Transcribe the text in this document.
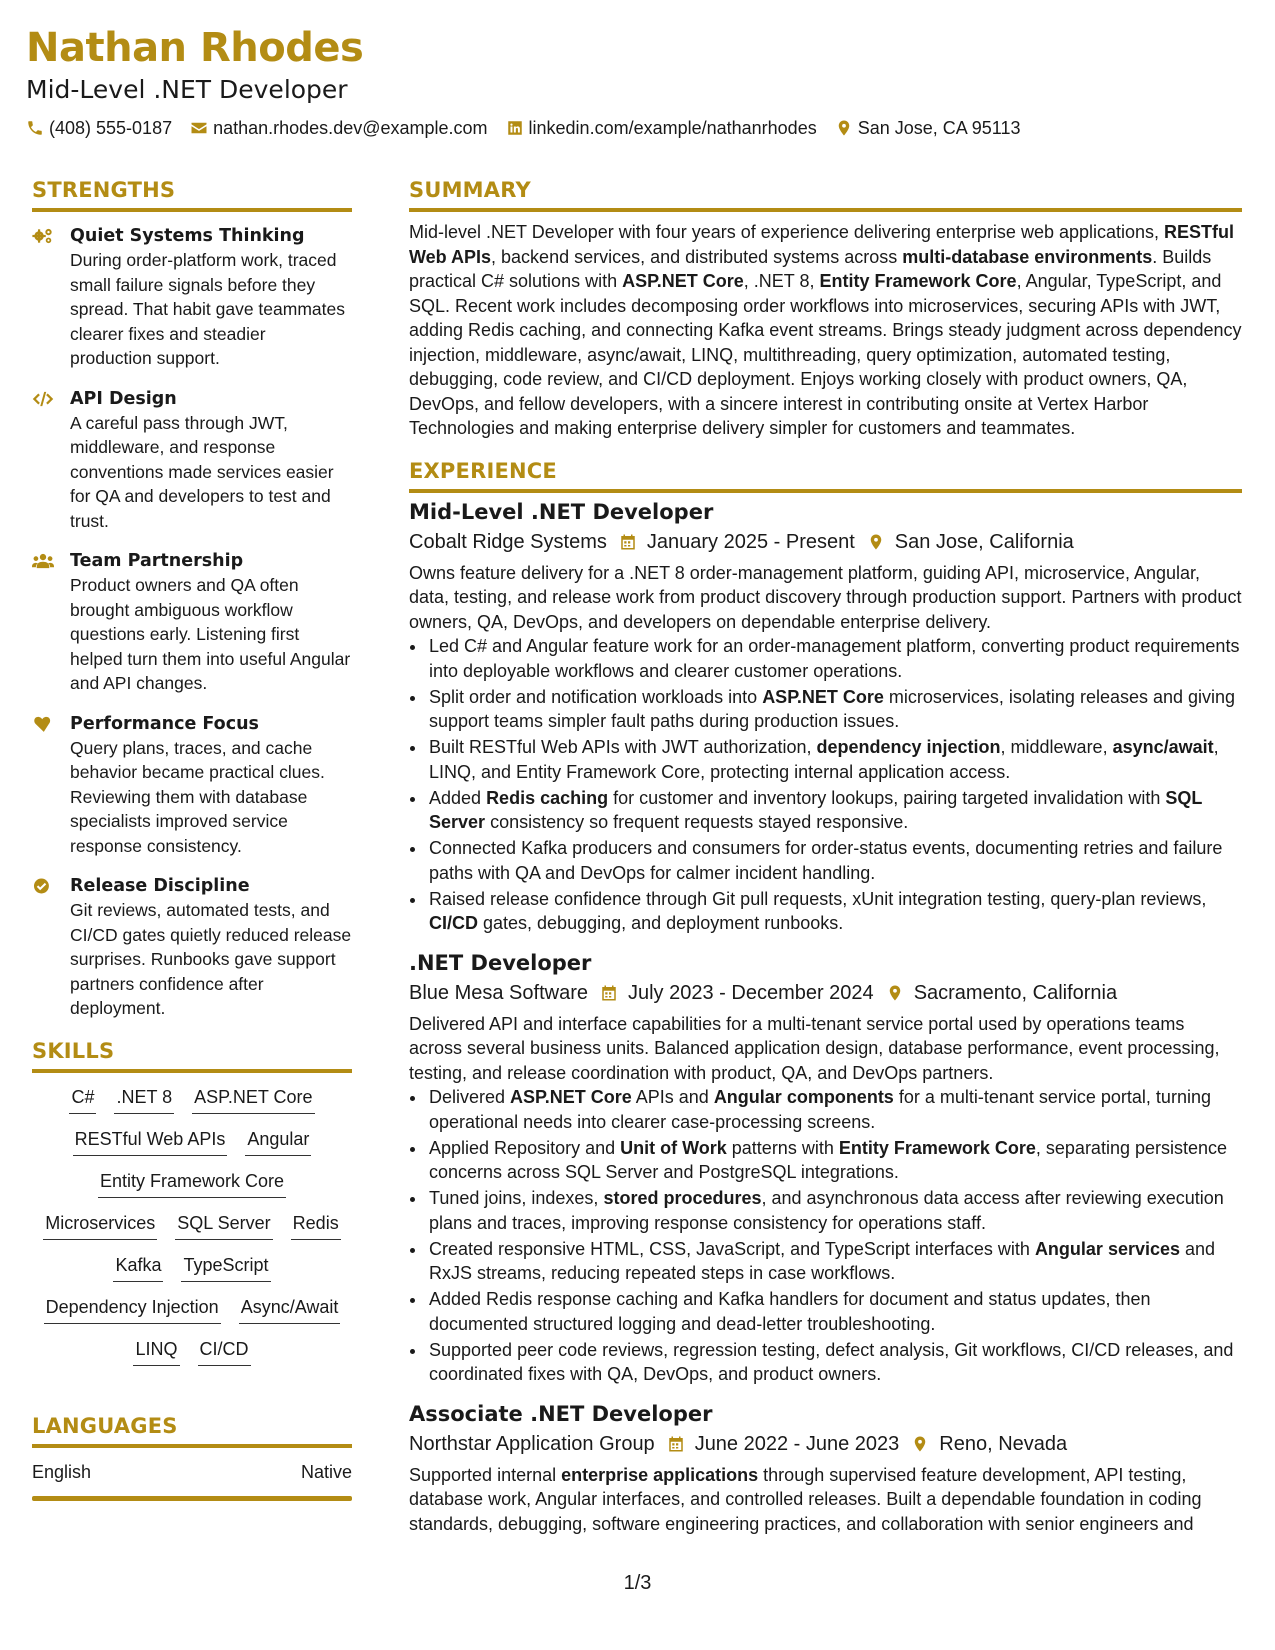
Nathan Rhodes
Mid-Level .NET Developer
(408) 555-0187 nathan.rhodes.dev@example.com linkedin.com/example/nathanrhodes San Jose, CA 95113
STRENGTHS
Quiet Systems Thinking
During order-platform work, traced small failure signals before they spread. That habit gave teammates clearer fixes and steadier production support.
API Design
A careful pass through JWT, middleware, and response conventions made services easier for QA and developers to test and trust.
Team Partnership
Product owners and QA often brought ambiguous workflow questions early. Listening first helped turn them into useful Angular and API changes.
Performance Focus
Query plans, traces, and cache behavior became practical clues. Reviewing them with database specialists improved service response consistency.
Release Discipline
Git reviews, automated tests, and CI/CD gates quietly reduced release surprises. Runbooks gave support partners confidence after deployment.
SKILLS
C# .NET 8 ASP.NET Core
RESTful Web APIs Angular
Entity Framework Core
Microservices SQL Server Redis
Kafka TypeScript
Dependency Injection Async/Await
LINQ CI/CD
LANGUAGES
English	Native
SUMMARY
Mid-level .NET Developer with four years of experience delivering enterprise web applications, RESTful Web APIs, backend services, and distributed systems across multi-database environments. Builds practical C# solutions with ASP.NET Core, .NET 8, Entity Framework Core, Angular, TypeScript, and SQL. Recent work includes decomposing order workflows into microservices, securing APIs with JWT, adding Redis caching, and connecting Kafka event streams. Brings steady judgment across dependency injection, middleware, async/await, LINQ, multithreading, query optimization, automated testing, debugging, code review, and CI/CD deployment. Enjoys working closely with product owners, QA, DevOps, and fellow developers, with a sincere interest in contributing onsite at Vertex Harbor Technologies and making enterprise delivery simpler for customers and teammates.
EXPERIENCE
Mid-Level .NET Developer
Cobalt Ridge Systems January 2025 - Present San Jose, California
Owns feature delivery for a .NET 8 order-management platform, guiding API, microservice, Angular, data, testing, and release work from product discovery through production support. Partners with product owners, QA, DevOps, and developers on dependable enterprise delivery.
• Led C# and Angular feature work for an order-management platform, converting product requirements into deployable workflows and clearer customer operations.
• Split order and notification workloads into ASP.NET Core microservices, isolating releases and giving support teams simpler fault paths during production issues.
• Built RESTful Web APIs with JWT authorization, dependency injection, middleware, async/await, LINQ, and Entity Framework Core, protecting internal application access.
• Added Redis caching for customer and inventory lookups, pairing targeted invalidation with SQL Server consistency so frequent requests stayed responsive.
• Connected Kafka producers and consumers for order-status events, documenting retries and failure paths with QA and DevOps for calmer incident handling.
• Raised release confidence through Git pull requests, xUnit integration testing, query-plan reviews, CI/CD gates, debugging, and deployment runbooks.
.NET Developer
Blue Mesa Software July 2023 - December 2024 Sacramento, California
Delivered API and interface capabilities for a multi-tenant service portal used by operations teams across several business units. Balanced application design, database performance, event processing, testing, and release coordination with product, QA, and DevOps partners.
• Delivered ASP.NET Core APIs and Angular components for a multi-tenant service portal, turning operational needs into clearer case-processing screens.
• Applied Repository and Unit of Work patterns with Entity Framework Core, separating persistence concerns across SQL Server and PostgreSQL integrations.
• Tuned joins, indexes, stored procedures, and asynchronous data access after reviewing execution plans and traces, improving response consistency for operations staff.
• Created responsive HTML, CSS, JavaScript, and TypeScript interfaces with Angular services and RxJS streams, reducing repeated steps in case workflows.
• Added Redis response caching and Kafka handlers for document and status updates, then documented structured logging and dead-letter troubleshooting.
• Supported peer code reviews, regression testing, defect analysis, Git workflows, CI/CD releases, and coordinated fixes with QA, DevOps, and product owners.
Associate .NET Developer
Northstar Application Group June 2022 - June 2023 Reno, Nevada
Supported internal enterprise applications through supervised feature development, API testing, database work, Angular interfaces, and controlled releases. Built a dependable foundation in coding standards, debugging, software engineering practices, and collaboration with senior engineers and
1/3
